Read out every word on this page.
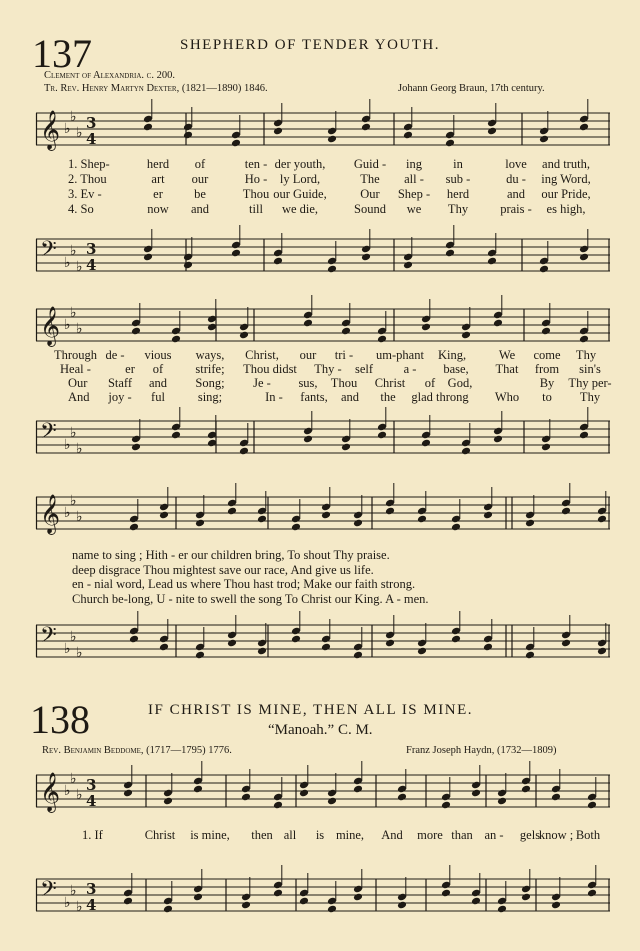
137	SHEPHERD OF TENDER YOUTH.
Clement of Alexandria. c. 200.
Tr. Rev. Henry Martyn Dexter, (1821—1890) 1846.	Johann Georg Braun, 17th century.
𝄞 ♭
♭
♭
3
4
1. Shep-	herd of	ten - der youth, Guid - ing in	love and truth,
2. Thou	art our	Ho - ly Lord,	The all - sub -	du - ing Word,
3. Ev -	er be	Thou our Guide,	Our Shep - herd	and our Pride,
4. So	now and	till we die,	Sound we Thy	prais - es high,
𝄢 ♭
♭
♭
3
4
𝄞 ♭
♭
♭
Through de - vious ways, Christ, our tri - um-phant King,	We come Thy
Heal -	er of	strife; Thou didst Thy - self a - base, That from sin's
Our Staff and Song; Je - sus, Thou Christ of God,	By Thy per-
And joy - ful	sing;	In - fants, and the glad throng Who to Thy
𝄢 ♭
♭
♭
𝄞 ♭
♭
♭
name to sing ; Hith - er our children bring, To shout Thy praise.
deep disgrace Thou mightest save our race, And give us life.
en - nial word, Lead us where Thou hast trod; Make our faith strong.
Church be-long, U - nite to swell the song To Christ our King. A - men.
𝄢 ♭
♭
♭
138	IF CHRIST IS MINE, THEN ALL IS MINE.
“Manoah.” C. M.
Rev. Benjamin Beddome, (1717—1795) 1776.	Franz Joseph Haydn, (1732—1809)
𝄞 ♭
♭
♭
3
4
1. If	Christ is mine, then all is mine, And more than an - gels
know ; Both
𝄢 ♭
♭
♭
3
4
